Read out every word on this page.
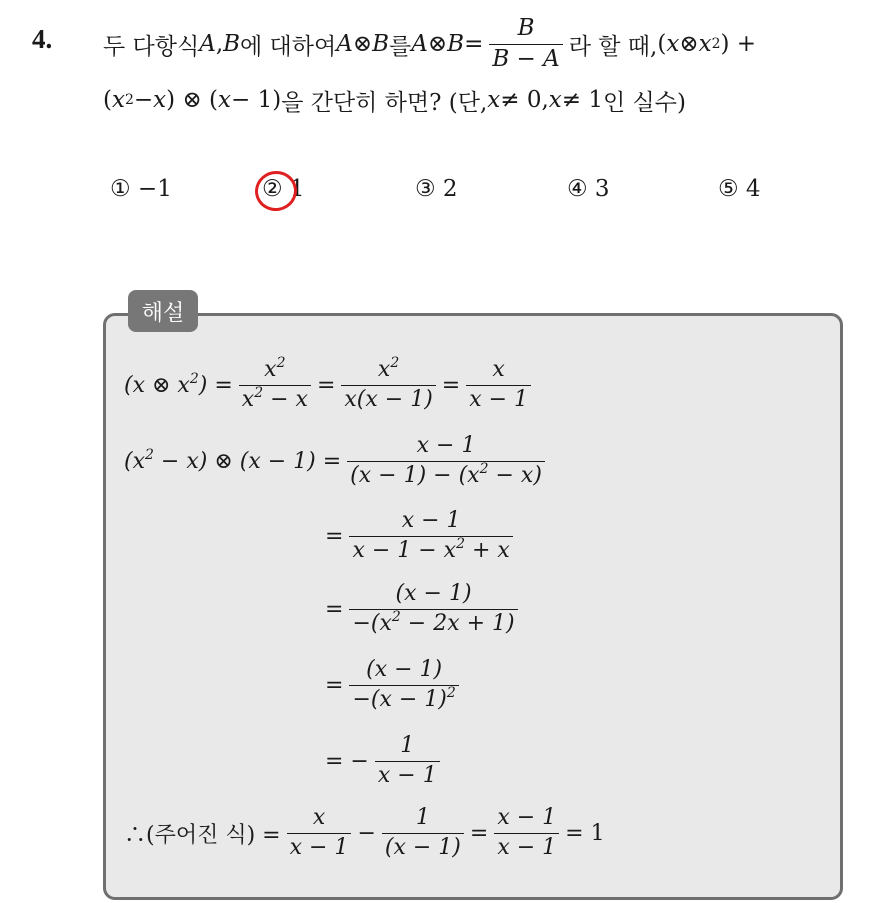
4. 두 다항식 A , B 에 대하여 A ⊗ B 를 A ⊗ $B = \frac{B}{B - A}$ 라 할 때, ( x ⊗ x 2 ) +
( x 2 − x ) ⊗ ( x − 1) 을 간단히 하면? (단, x ≠ 0, x ≠ 1 인 실수)
① −1	② 1	③ 2	④ 3	⑤ 4
해설
(x ⊗ $x^2) = \frac{x^2}{x^2 - x} = \frac{x^2}{x(x - 1)} = \frac{x}{x - 1}$
$(x^2 - x)$ ⊗ $(x - 1) = \frac{x - 1}{(x - 1) - (x^2 - x)}$
= $\frac{x - 1}{x - 1 - x^2 + x}$
= $\frac{(x - 1)}{-(x^2 - 2x + 1)}$
= $\frac{(x - 1)}{-(x - 1)^2}$
= − $\frac{1}{x - 1}$
∴(주어진 식) = $\frac{x}{x - 1} - \frac{1}{(x - 1)} = \frac{x - 1}{x - 1} = 1$
